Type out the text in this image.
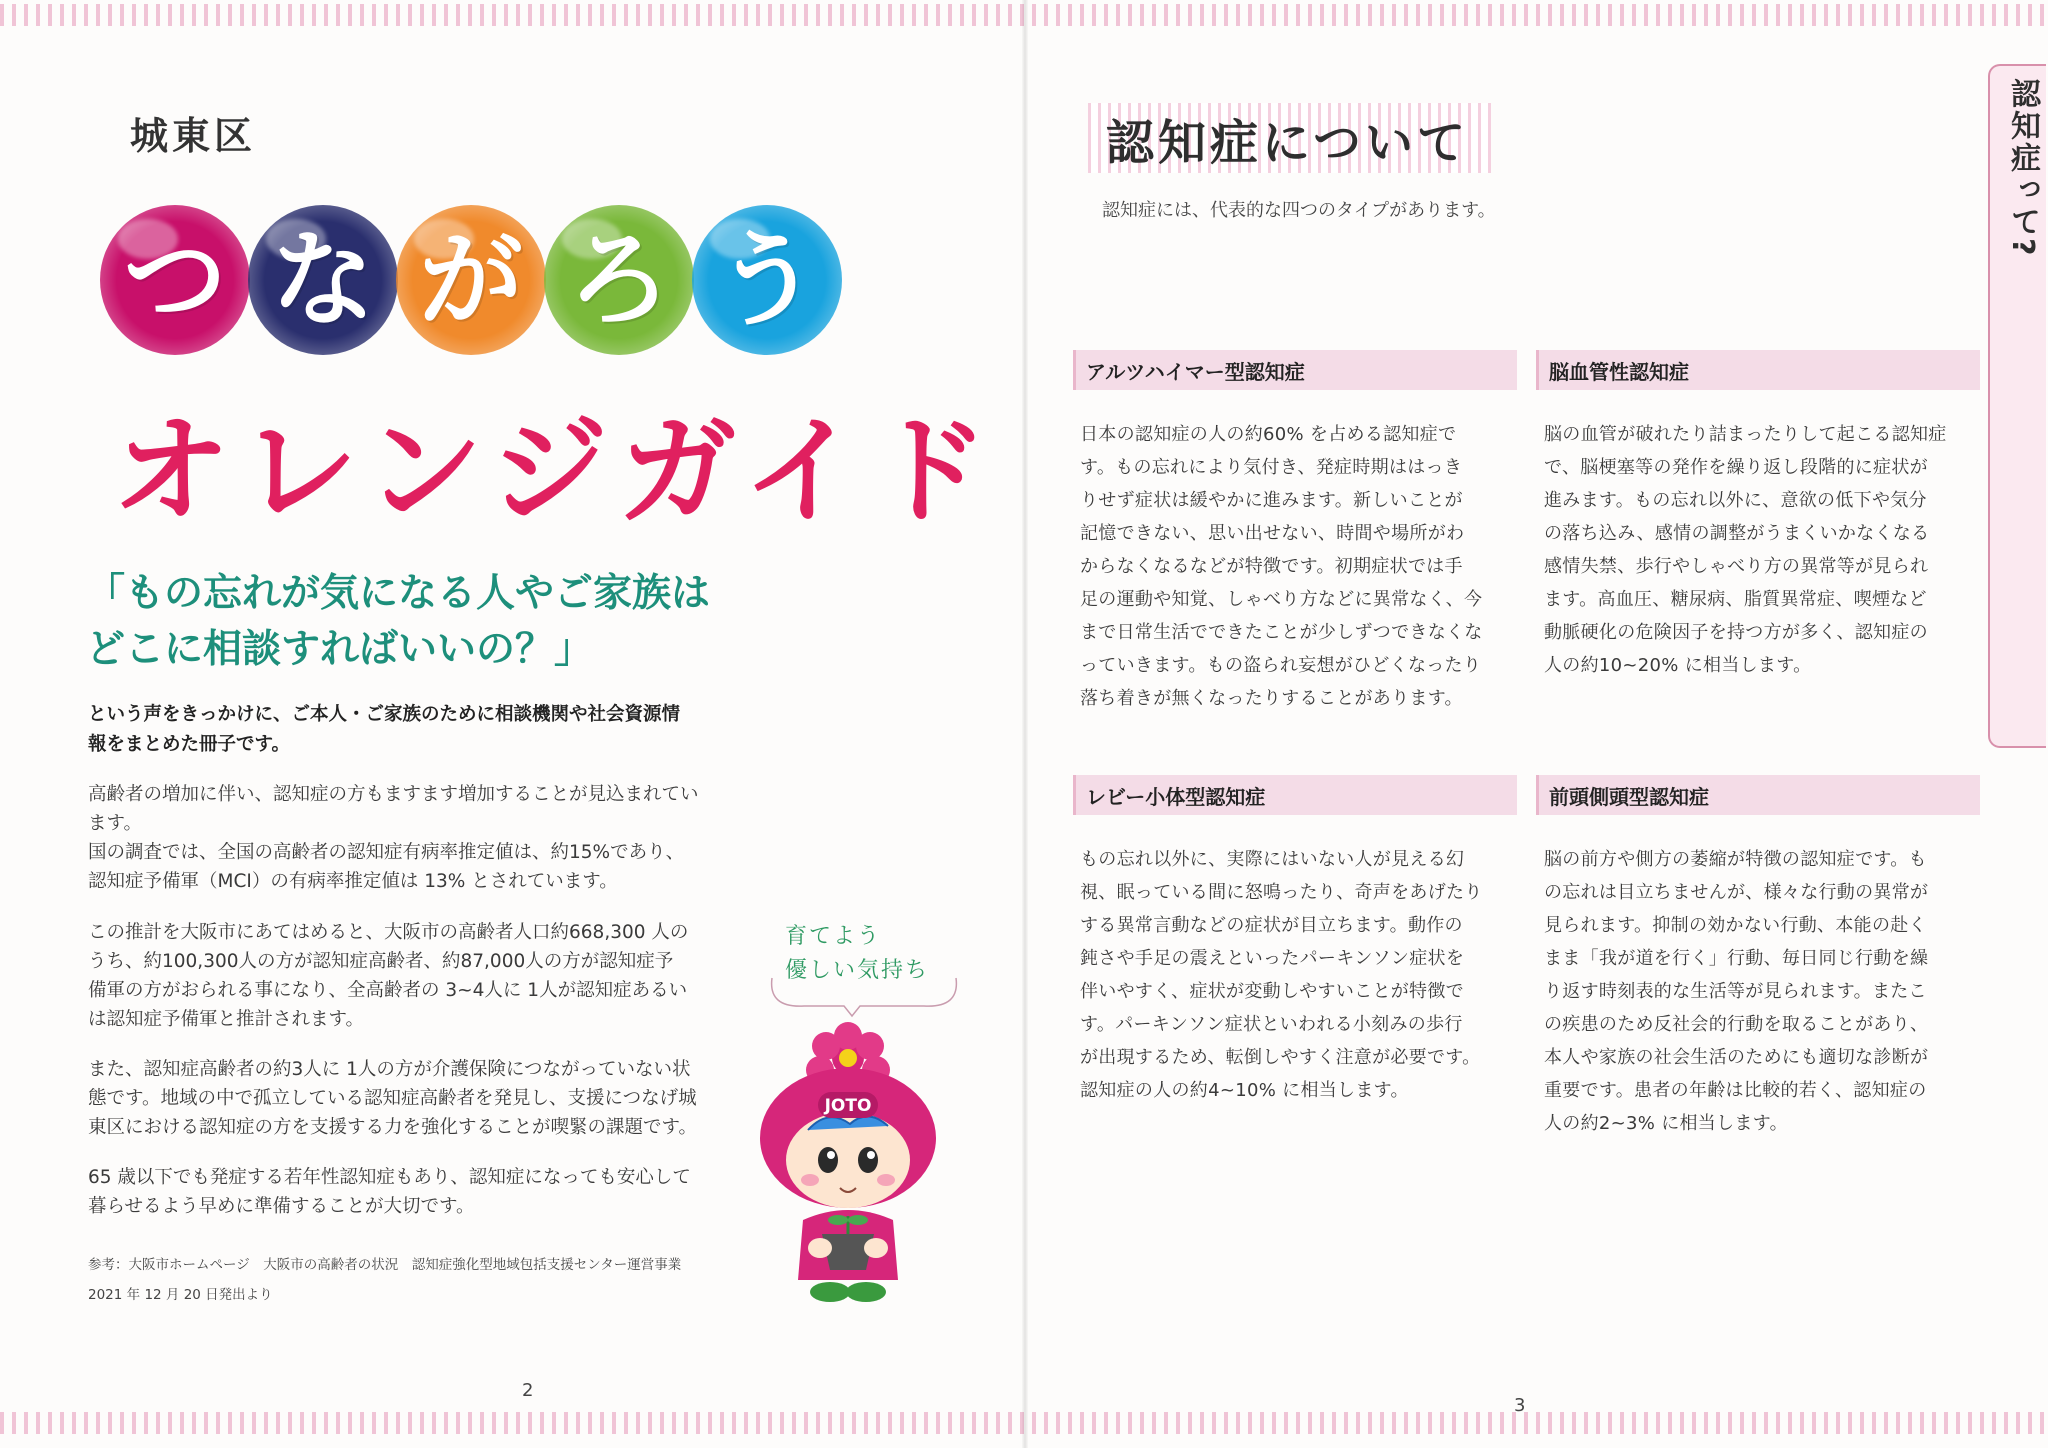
城東区
つ な が ろ う
オレンジガイド

「もの忘れが気になる人やご家族は
どこに相談すればいいの？」

という声をきっかけに、ご本人・ご家族のために相談機関や社会資源情
報をまとめた冊子です。

高齢者の増加に伴い、認知症の方もますます増加することが見込まれてい
ます。
国の調査では、全国の高齢者の認知症有病率推定値は、約15%であり、
認知症予備軍（MCI）の有病率推定値は 13% とされています。

この推計を大阪市にあてはめると、大阪市の高齢者人口約668,300 人の
うち、約100,300人の方が認知症高齢者、約87,000人の方が認知症予
備軍の方がおられる事になり、全高齢者の 3~4人に 1人が認知症あるい
は認知症予備軍と推計されます。

また、認知症高齢者の約3人に 1人の方が介護保険につながっていない状
態です。地域の中で孤立している認知症高齢者を発見し、支援につなげ城
東区における認知症の方を支援する力を強化することが喫緊の課題です。

65 歳以下でも発症する若年性認知症もあり、認知症になっても安心して
暮らせるよう早めに準備することが大切です。

参考：大阪市ホームページ　大阪市の高齢者の状況　認知症強化型地域包括支援センター運営事業
2021 年 12 月 20 日発出より

育てよう
優しい気持ち
JOTO
2
認知症について

認知症には、代表的な四つのタイプがあります。	認知症って?
アルツハイマー型認知症

日本の認知症の人の約60% を占める認知症で
す。もの忘れにより気付き、発症時期ははっき
りせず症状は緩やかに進みます。新しいことが
記憶できない、思い出せない、時間や場所がわ
からなくなるなどが特徴です。初期症状では手
足の運動や知覚、しゃべり方などに異常なく、今
まで日常生活でできたことが少しずつできなくな
っていきます。もの盗られ妄想がひどくなったり
落ち着きが無くなったりすることがあります。

脳血管性認知症

脳の血管が破れたり詰まったりして起こる認知症
で、脳梗塞等の発作を繰り返し段階的に症状が
進みます。もの忘れ以外に、意欲の低下や気分
の落ち込み、感情の調整がうまくいかなくなる
感情失禁、歩行やしゃべり方の異常等が見られ
ます。高血圧、糖尿病、脂質異常症、喫煙など
動脈硬化の危険因子を持つ方が多く、認知症の
人の約10~20% に相当します。

レビー小体型認知症

もの忘れ以外に、実際にはいない人が見える幻
視、眠っている間に怒鳴ったり、奇声をあげたり
する異常言動などの症状が目立ちます。動作の
鈍さや手足の震えといったパーキンソン症状を
伴いやすく、症状が変動しやすいことが特徴で
す。パーキンソン症状といわれる小刻みの歩行
が出現するため、転倒しやすく注意が必要です。
認知症の人の約4~10% に相当します。

前頭側頭型認知症

脳の前方や側方の萎縮が特徴の認知症です。も
の忘れは目立ちませんが、様々な行動の異常が
見られます。抑制の効かない行動、本能の赴く
まま「我が道を行く」行動、毎日同じ行動を繰
り返す時刻表的な生活等が見られます。またこ
の疾患のため反社会的行動を取ることがあり、
本人や家族の社会生活のためにも適切な診断が
重要です。患者の年齢は比較的若く、認知症の
人の約2~3% に相当します。

3
